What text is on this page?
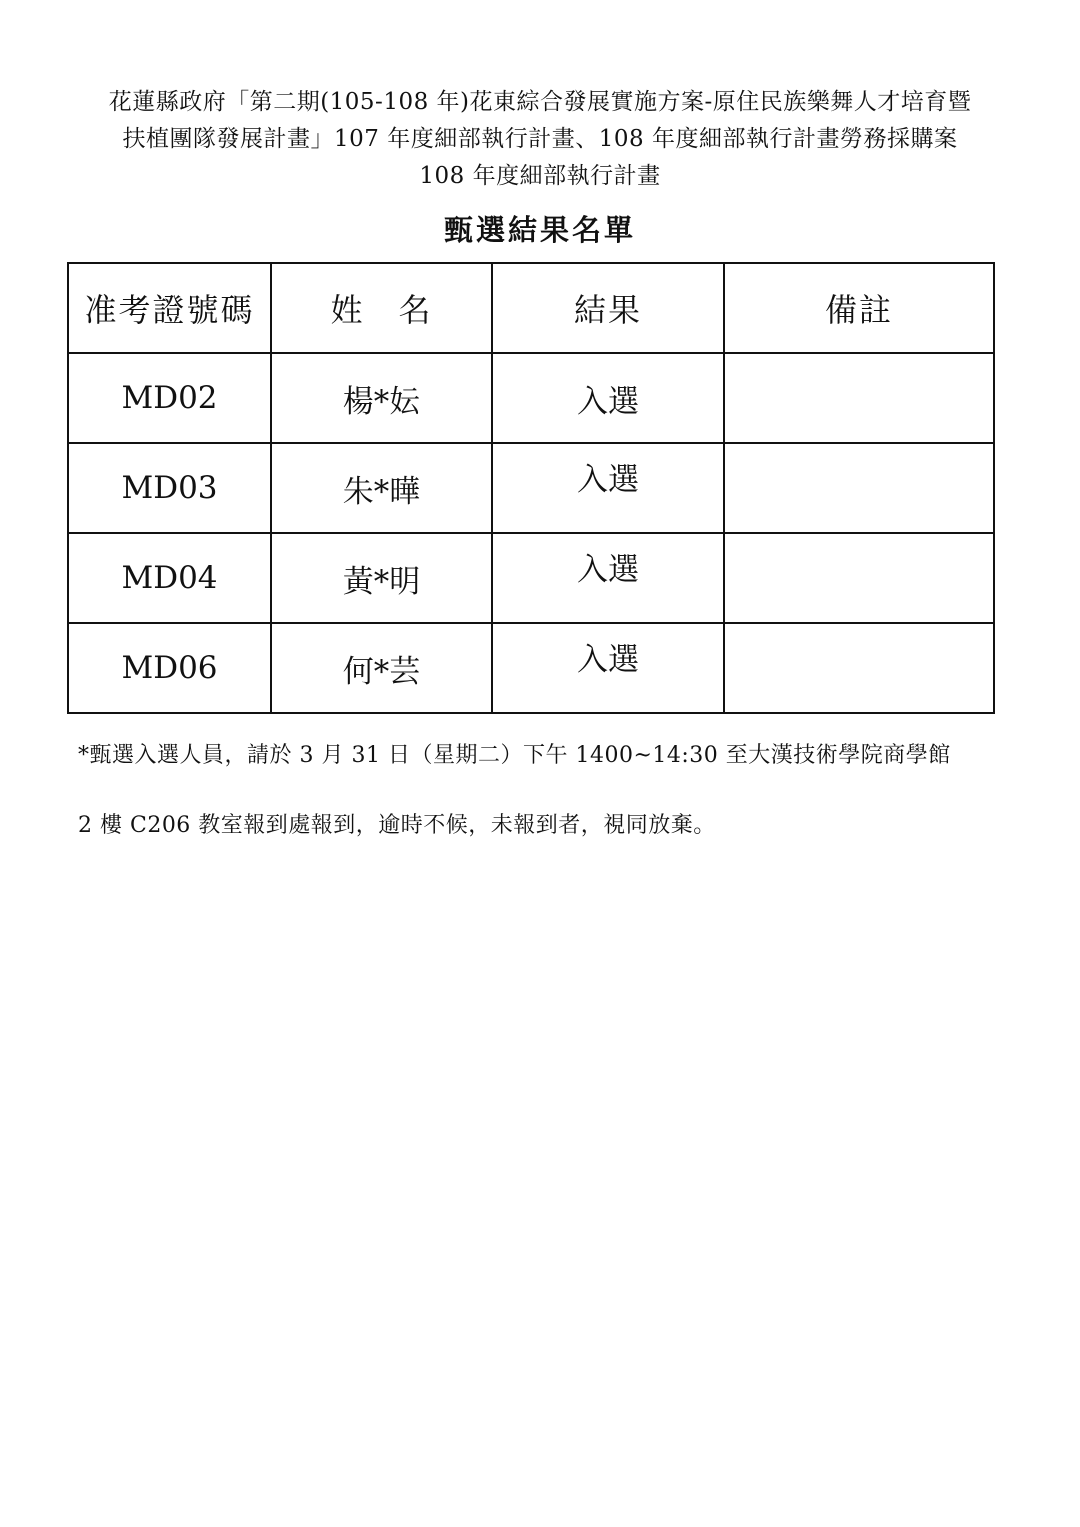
花蓮縣政府「第二期(105-108 年)花東綜合發展實施方案-原住民族樂舞人才培育暨
扶植團隊發展計畫」107 年度細部執行計畫、108 年度細部執行計畫勞務採購案
108 年度細部執行計畫
甄選結果名單
准考證號碼	姓　名	結果	備註
MD02	楊*妘	入選	
MD03	朱*曄	入選	
MD04	黃*明	入選	
MD06	何*芸	入選	
*甄選入選人員，請於 3 月 31 日（星期二）下午 1400~14:30 至大漢技術學院商學館
2 樓 C206 教室報到處報到，逾時不候，未報到者，視同放棄。
